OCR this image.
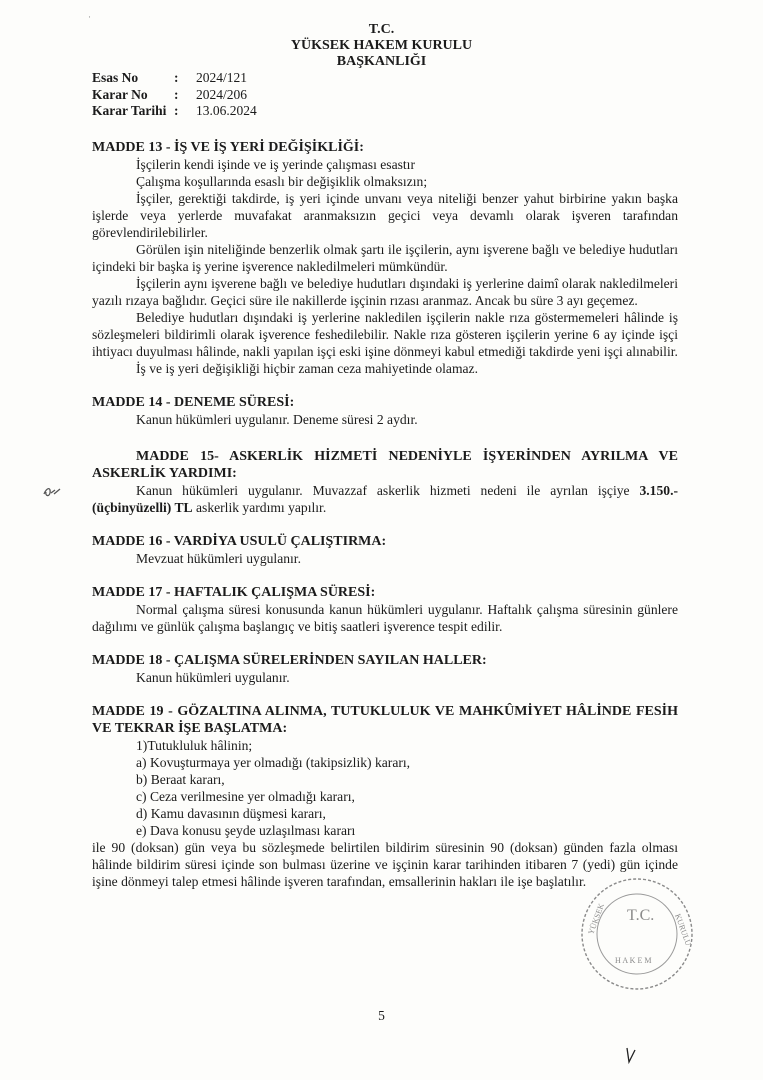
·
T.C.
YÜKSEK HAKEM KURULU
BAŞKANLIĞI
Esas No	:	2024/121
Karar No	:	2024/206
Karar Tarihi :	13.06.2024
MADDE 13 - İŞ VE İŞ YERİ DEĞİŞİKLİĞİ:

İşçilerin kendi işinde ve iş yerinde çalışması esastır

Çalışma koşullarında esaslı bir değişiklik olmaksızın;

İşçiler, gerektiği takdirde, iş yeri içinde unvanı veya niteliği benzer yahut birbirine yakın başka işlerde veya yerlerde muvafakat aranmaksızın geçici veya devamlı olarak işveren tarafından görevlendirilebilirler.

Görülen işin niteliğinde benzerlik olmak şartı ile işçilerin, aynı işverene bağlı ve belediye hudutları içindeki bir başka iş yerine işverence nakledilmeleri mümkündür.

İşçilerin aynı işverene bağlı ve belediye hudutları dışındaki iş yerlerine daimî olarak nakledilmeleri yazılı rızaya bağlıdır. Geçici süre ile nakillerde işçinin rızası aranmaz. Ancak bu süre 3 ayı geçemez.

Belediye hudutları dışındaki iş yerlerine nakledilen işçilerin nakle rıza göstermemeleri hâlinde iş sözleşmeleri bildirimli olarak işverence feshedilebilir. Nakle rıza gösteren işçilerin yerine 6 ay içinde işçi ihtiyacı duyulması hâlinde, nakli yapılan işçi eski işine dönmeyi kabul etmediği takdirde yeni işçi alınabilir.

İş ve iş yeri değişikliği hiçbir zaman ceza mahiyetinde olamaz.

MADDE 14 - DENEME SÜRESİ:

Kanun hükümleri uygulanır. Deneme süresi 2 aydır.

MADDE 15- ASKERLİK HİZMETİ NEDENİYLE İŞYERİNDEN AYRILMA VE ASKERLİK YARDIMI:

Kanun hükümleri uygulanır. Muvazzaf askerlik hizmeti nedeni ile ayrılan işçiye 3.150.- (üçbinyüzelli) TL askerlik yardımı yapılır.

MADDE 16 - VARDİYA USULÜ ÇALIŞTIRMA:

Mevzuat hükümleri uygulanır.

MADDE 17 - HAFTALIK ÇALIŞMA SÜRESİ:

Normal çalışma süresi konusunda kanun hükümleri uygulanır. Haftalık çalışma süresinin günlere dağılımı ve günlük çalışma başlangıç ve bitiş saatleri işverence tespit edilir.

MADDE 18 - ÇALIŞMA SÜRELERİNDEN SAYILAN HALLER:

Kanun hükümleri uygulanır.

MADDE 19 - GÖZALTINA ALINMA, TUTUKLULUK VE MAHKÛMİYET HÂLİNDE FESİH VE TEKRAR İŞE BAŞLATMA:

1)Tutukluluk hâlinin;

a) Kovuşturmaya yer olmadığı (takipsizlik) kararı,
b) Beraat kararı,
c) Ceza verilmesine yer olmadığı kararı,
d) Kamu davasının düşmesi kararı,
e) Dava konusu şeyde uzlaşılması kararı

ile 90 (doksan) gün veya bu sözleşmede belirtilen bildirim süresinin 90 (doksan) günden fazla olması hâlinde bildirim süresi içinde son bulması üzerine ve işçinin karar tarihinden itibaren 7 (yedi) gün içinde işine dönmeyi talep etmesi hâlinde işveren tarafından, emsallerinin hakları ile işe başlatılır.

T.C.
H A K E M
YÜKSEK	KURULU
5
